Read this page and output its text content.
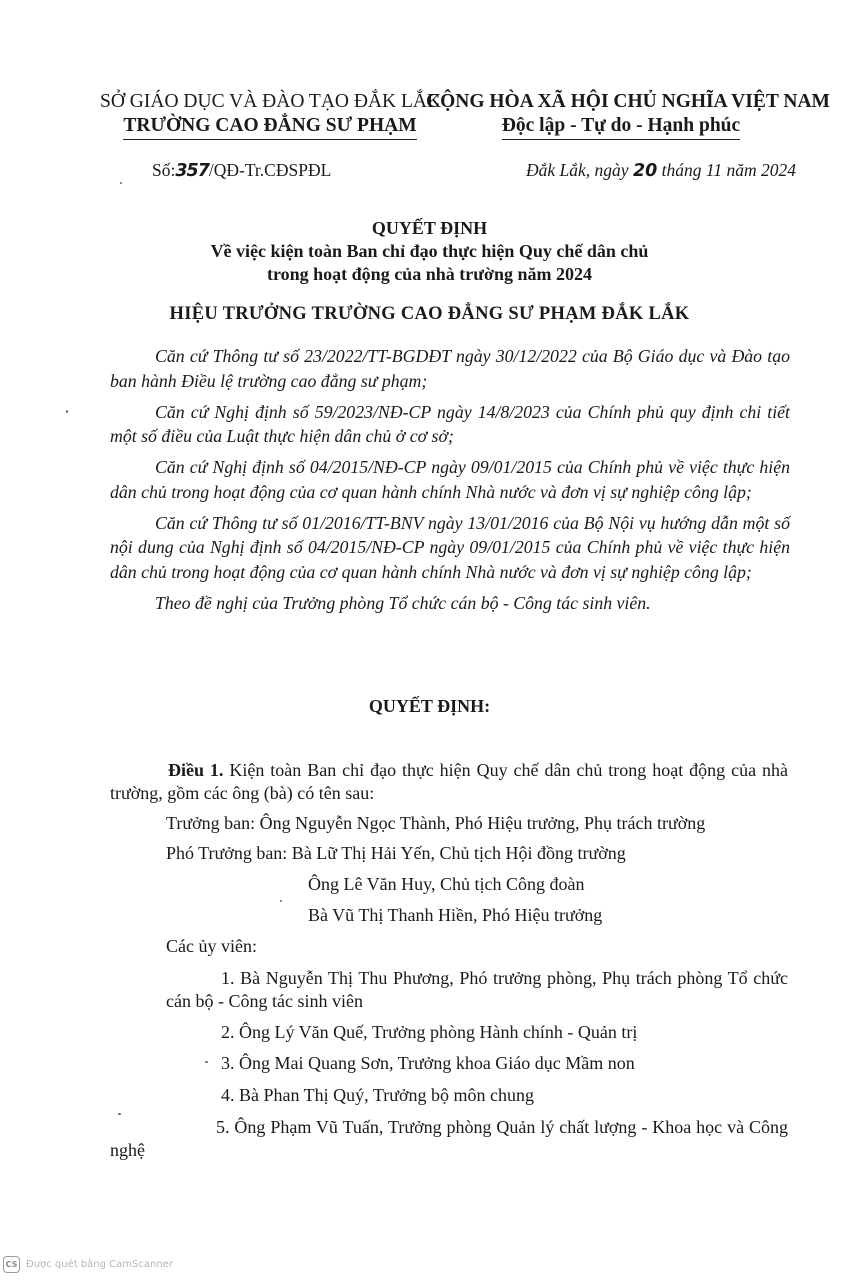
SỞ GIÁO DỤC VÀ ĐÀO TẠO ĐẮK LẮK
TRƯỜNG CAO ĐẲNG SƯ PHẠM
CỘNG HÒA XÃ HỘI CHỦ NGHĨA VIỆT NAM
Độc lập - Tự do - Hạnh phúc
Số:357/QĐ-Tr.CĐSPĐL	Đắk Lắk, ngày 20 tháng 11 năm 2024
QUYẾT ĐỊNH
Về việc kiện toàn Ban chỉ đạo thực hiện Quy chế dân chủ
trong hoạt động của nhà trường năm 2024
HIỆU TRƯỞNG TRƯỜNG CAO ĐẲNG SƯ PHẠM ĐẮK LẮK

Căn cứ Thông tư số 23/2022/TT-BGDĐT ngày 30/12/2022 của Bộ Giáo dục và Đào tạo ban hành Điều lệ trường cao đẳng sư phạm;

Căn cứ Nghị định số 59/2023/NĐ-CP ngày 14/8/2023 của Chính phủ quy định chi tiết một số điều của Luật thực hiện dân chủ ở cơ sở;

Căn cứ Nghị định số 04/2015/NĐ-CP ngày 09/01/2015 của Chính phủ về việc thực hiện dân chủ trong hoạt động của cơ quan hành chính Nhà nước và đơn vị sự nghiệp công lập;

Căn cứ Thông tư số 01/2016/TT-BNV ngày 13/01/2016 của Bộ Nội vụ hướng dẫn một số nội dung của Nghị định số 04/2015/NĐ-CP ngày 09/01/2015 của Chính phủ về việc thực hiện dân chủ trong hoạt động của cơ quan hành chính Nhà nước và đơn vị sự nghiệp công lập;

Theo đề nghị của Trưởng phòng Tổ chức cán bộ - Công tác sinh viên.

QUYẾT ĐỊNH:

Điều 1. Kiện toàn Ban chỉ đạo thực hiện Quy chế dân chủ trong hoạt động của nhà trường, gồm các ông (bà) có tên sau:

Trưởng ban: Ông Nguyễn Ngọc Thành, Phó Hiệu trưởng, Phụ trách trường
Phó Trưởng ban: Bà Lữ Thị Hải Yến, Chủ tịch Hội đồng trường
Ông Lê Văn Huy, Chủ tịch Công đoàn
Bà Vũ Thị Thanh Hiền, Phó Hiệu trưởng
Các ủy viên:
1. Bà Nguyễn Thị Thu Phương, Phó trưởng phòng, Phụ trách phòng Tổ chức cán bộ - Công tác sinh viên
2. Ông Lý Văn Quế, Trưởng phòng Hành chính - Quản trị
3. Ông Mai Quang Sơn, Trưởng khoa Giáo dục Mầm non
4. Bà Phan Thị Quý, Trưởng bộ môn chung
5. Ông Phạm Vũ Tuấn, Trưởng phòng Quản lý chất lượng - Khoa học và Công nghệ
CS Được quét bằng CamScanner
